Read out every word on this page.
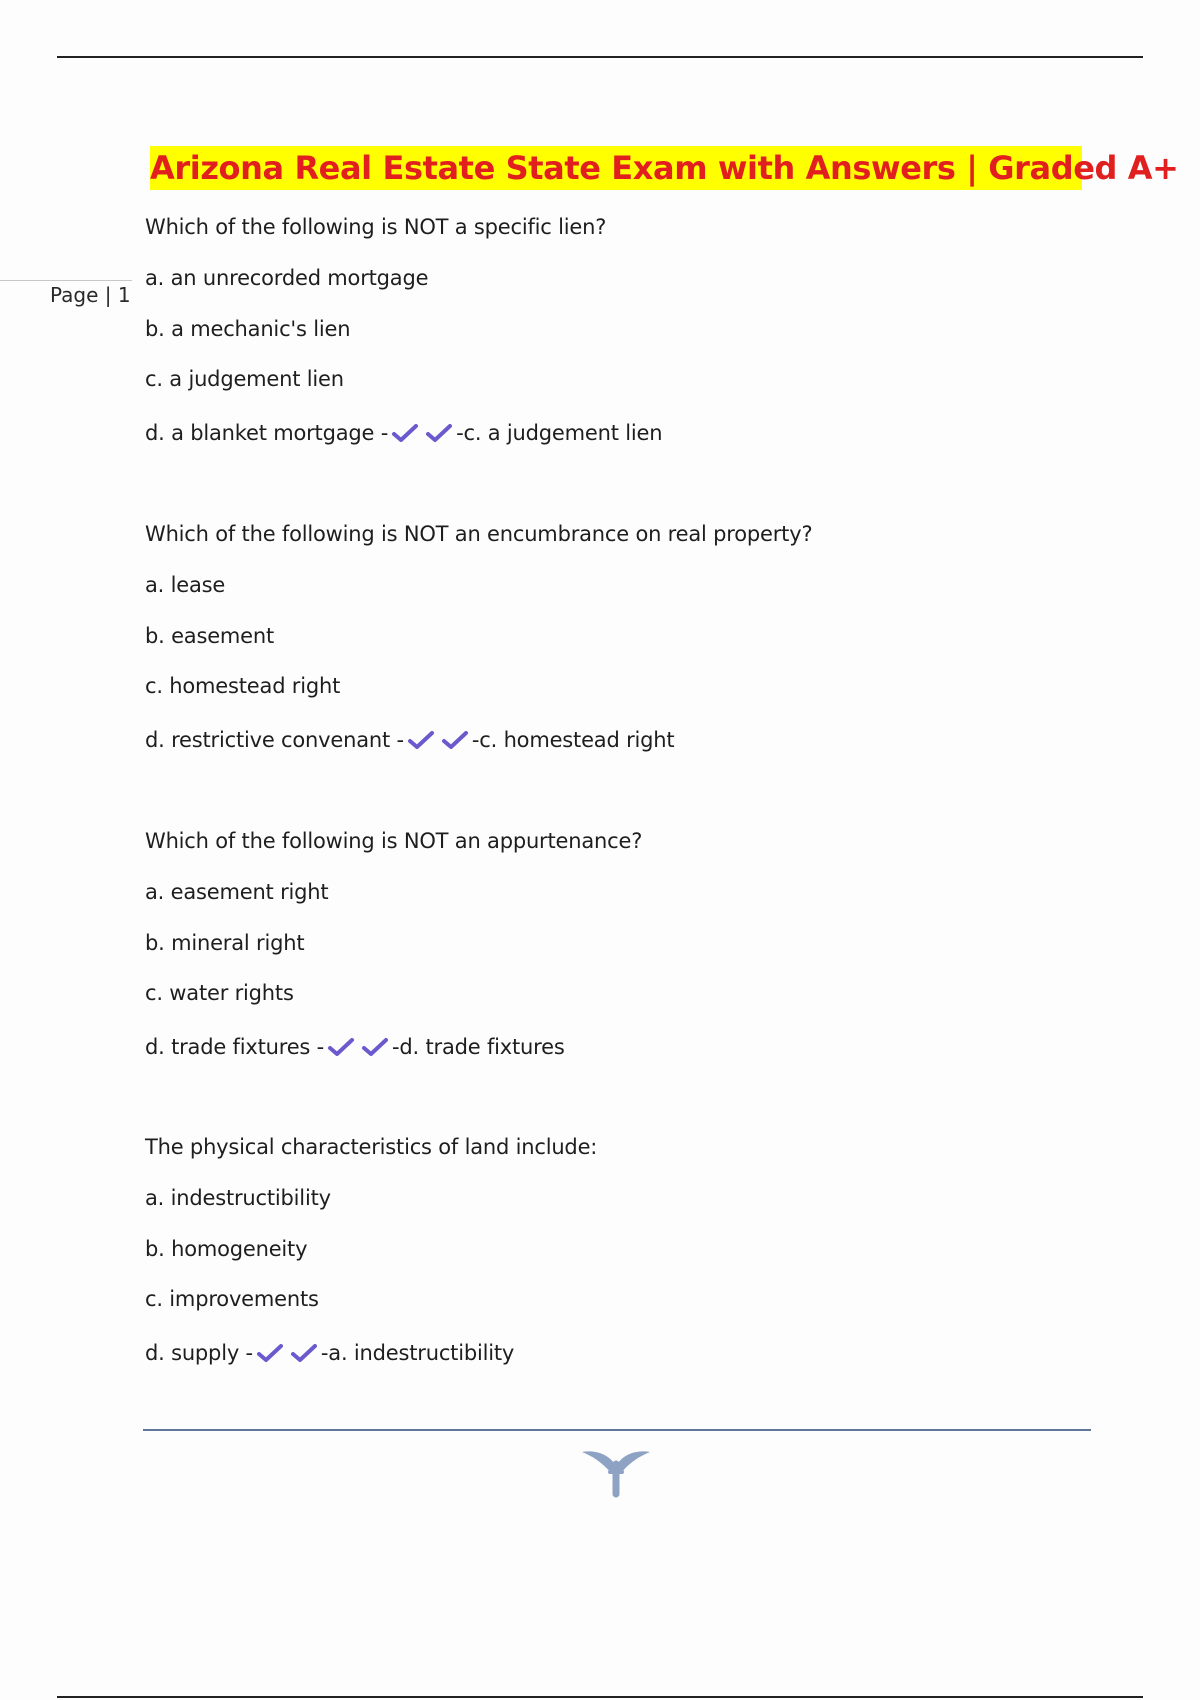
Page | 1
Arizona Real Estate State Exam with Answers | Graded A+
Which of the following is NOT a specific lien?
a. an unrecorded mortgage
b. a mechanic's lien
c. a judgement lien
d. a blanket mortgage -	-c. a judgement lien
Which of the following is NOT an encumbrance on real property?
a. lease
b. easement
c. homestead right
d. restrictive convenant -	-c. homestead right
Which of the following is NOT an appurtenance?
a. easement right
b. mineral right
c. water rights
d. trade fixtures -	-d. trade fixtures
The physical characteristics of land include:
a. indestructibility
b. homogeneity
c. improvements
d. supply -	-a. indestructibility
